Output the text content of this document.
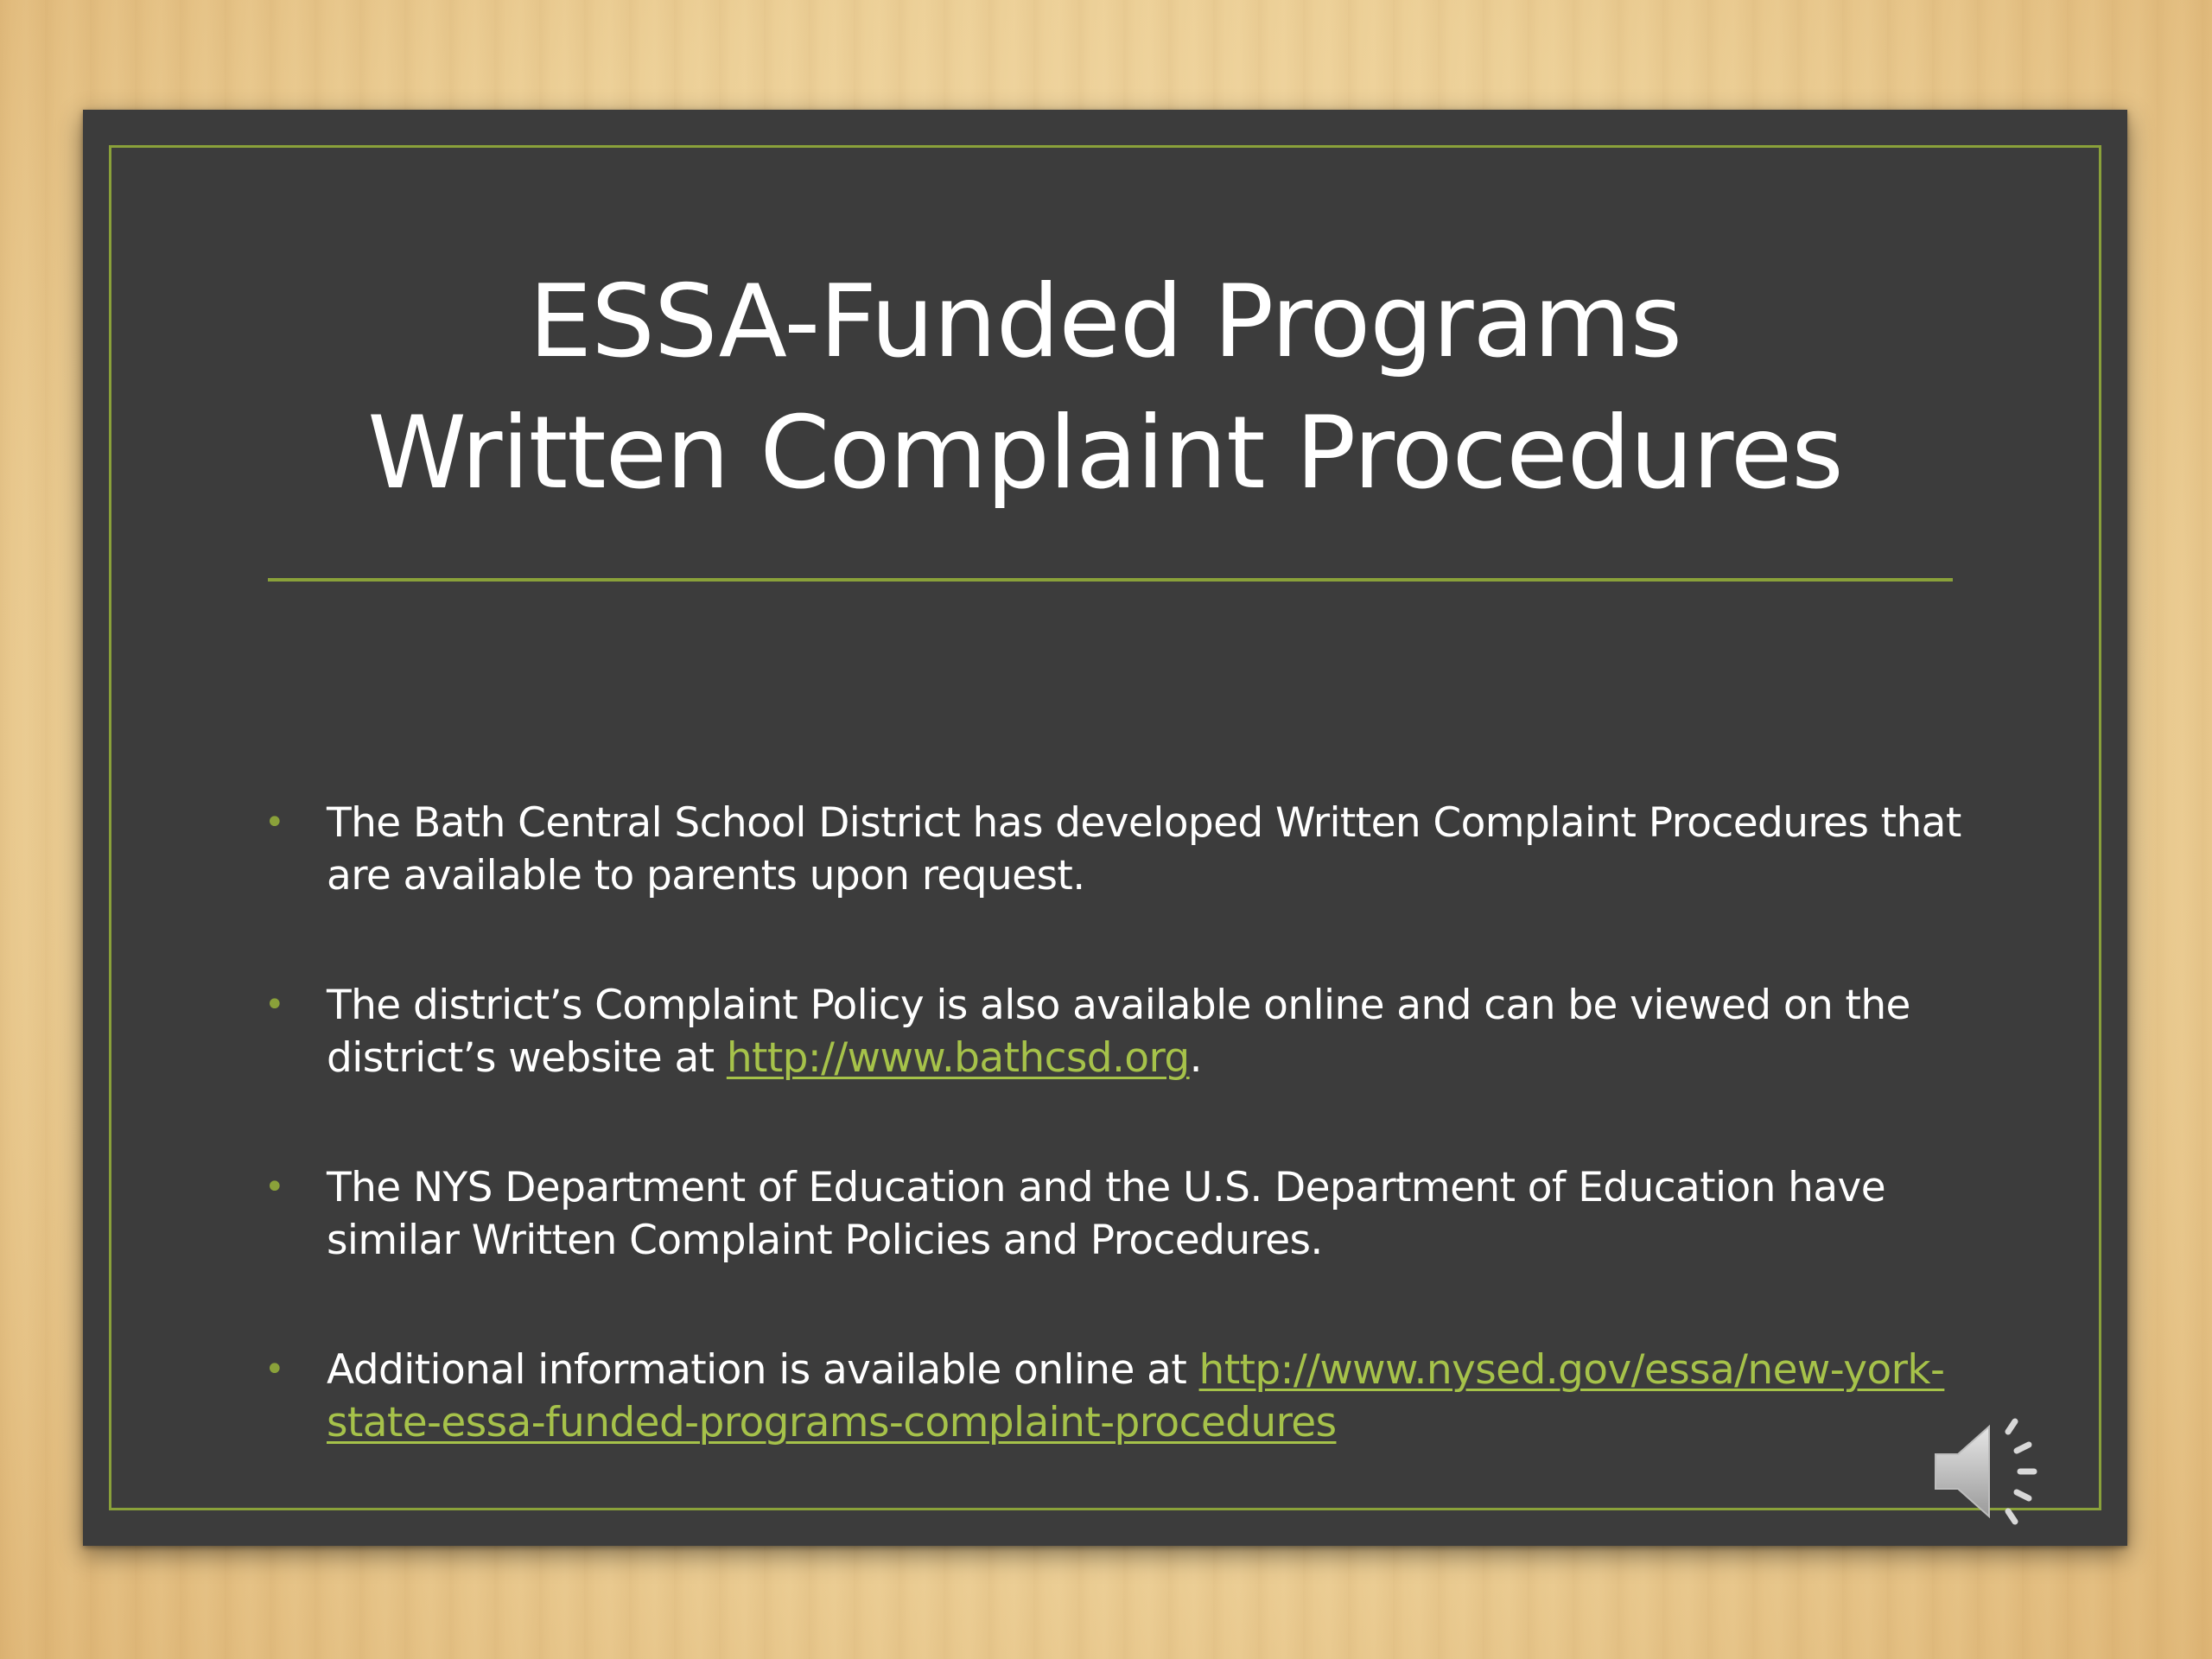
ESSA-Funded Programs
Written Complaint Procedures
• The Bath Central School District has developed Written Complaint Procedures that are available to parents upon request.
• The district’s Complaint Policy is also available online and can be viewed on the district’s website at http://www.bathcsd.org.
• The NYS Department of Education and the U.S. Department of Education have similar Written Complaint Policies and Procedures.
• Additional information is available online at http://www.nysed.gov/essa/new-york-state-essa-funded-programs-complaint-procedures
